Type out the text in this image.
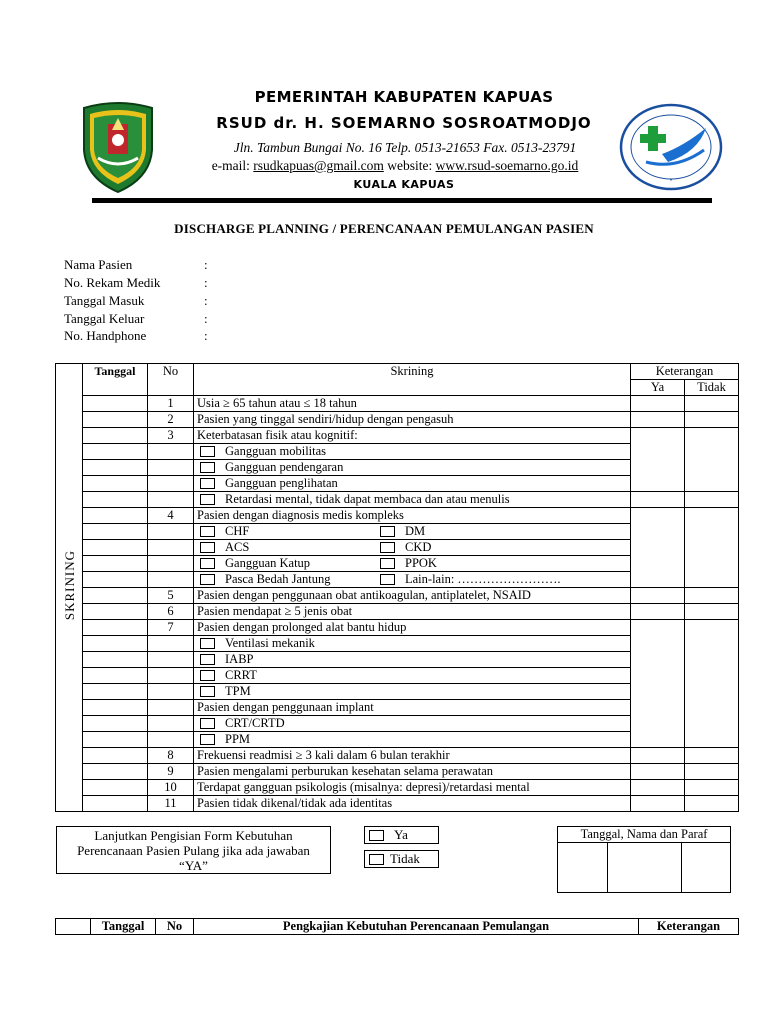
PEMERINTAH KABUPATEN KAPUAS
RSUD dr. H. SOEMARNO SOSROATMODJO
Jln. Tambun Bungai No. 16 Telp. 0513-21653 Fax. 0513-23791
e-mail: rsudkapuas@gmail.com website: www.rsud-soemarno.go.id
KUALA KAPUAS	•
DISCHARGE PLANNING / PERENCANAAN PEMULANGAN PASIEN
Nama Pasien	:
No. Rekam Medik	:
Tanggal Masuk	:
Tanggal Keluar	:
No. Handphone	:
SKRINING	Tanggal	No	Skrining	Keterangan	
				Ya	Tidak
		1	Usia ≥ 65 tahun atau ≤ 18 tahun		
		2	Pasien yang tinggal sendiri/hidup dengan pengasuh		
		3	Keterbatasan fisik atau kognitif:		
			Gangguan mobilitas		
			Gangguan pendengaran		
			Gangguan penglihatan		
			Retardasi mental, tidak dapat membaca dan atau menulis		
		4	Pasien dengan diagnosis medis kompleks		
			CHF DM		
			ACS CKD		
			Gangguan Katup PPOK		
			Pasca Bedah Jantung Lain-lain: …………………….		
		5	Pasien dengan penggunaan obat antikoagulan, antiplatelet, NSAID		
		6	Pasien mendapat ≥ 5 jenis obat		
		7	Pasien dengan prolonged alat bantu hidup		
			Ventilasi mekanik		
			IABP		
			CRRT		
			TPM		
			Pasien dengan penggunaan implant		
			CRT/CRTD		
			PPM		
		8	Frekuensi readmisi ≥ 3 kali dalam 6 bulan terakhir		
		9	Pasien mengalami perburukan kesehatan selama perawatan		
		10	Terdapat gangguan psikologis (misalnya: depresi)/retardasi mental		
		11	Pasien tidak dikenal/tidak ada identitas		
Lanjutkan Pengisian Form Kebutuhan
Perencanaan Pasien Pulang jika ada jawaban
“YA”
Ya
Tidak
Tanggal, Nama dan Paraf

	Tanggal	No	Pengkajian Kebutuhan Perencanaan Pemulangan	Keterangan
